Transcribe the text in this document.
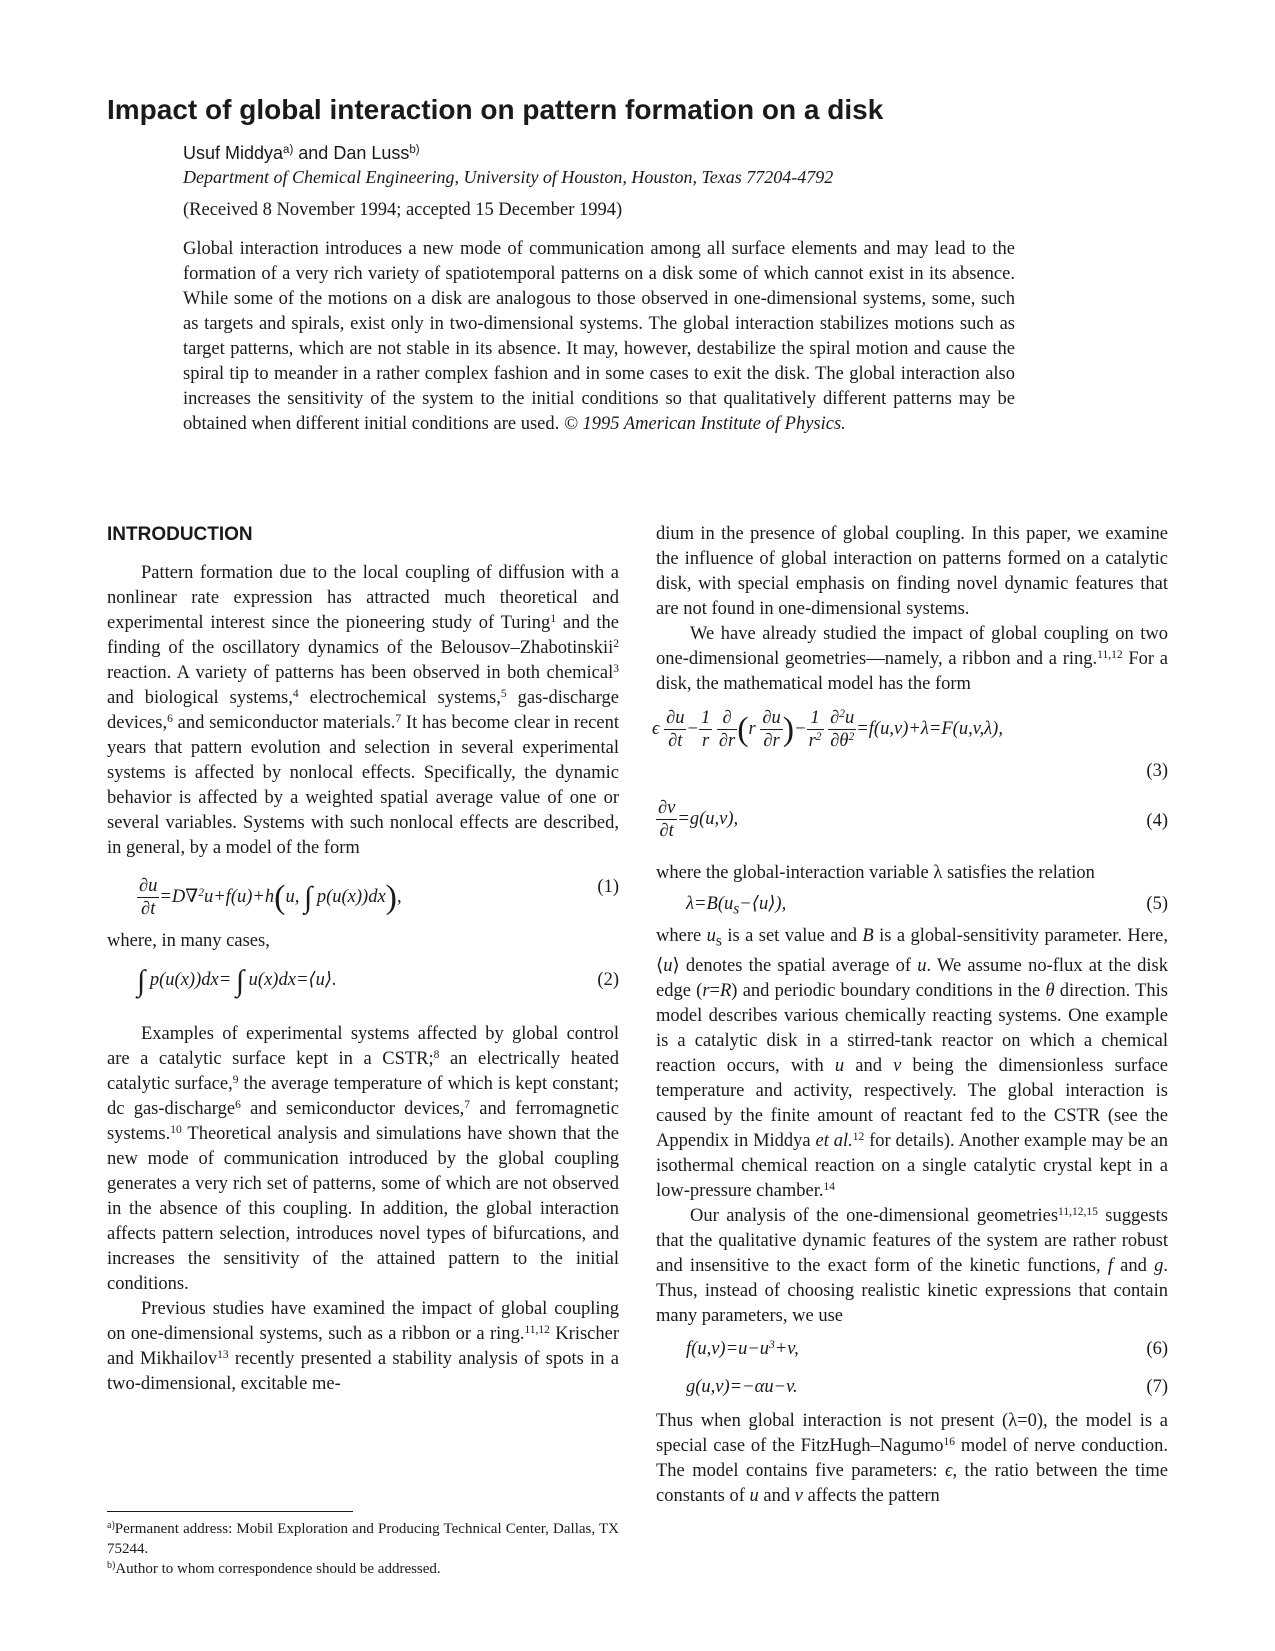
Impact of global interaction on pattern formation on a disk
Usuf Middya$^{a)}$ and Dan Luss$^{b)}$
Department of Chemical Engineering, University of Houston, Houston, Texas 77204-4792
(Received 8 November 1994; accepted 15 December 1994)

Global interaction introduces a new mode of communication among all surface elements and may lead to the formation of a very rich variety of spatiotemporal patterns on a disk some of which cannot exist in its absence. While some of the motions on a disk are analogous to those observed in one-dimensional systems, some, such as targets and spirals, exist only in two-dimensional systems. The global interaction stabilizes motions such as target patterns, which are not stable in its absence. It may, however, destabilize the spiral motion and cause the spiral tip to meander in a rather complex fashion and in some cases to exit the disk. The global interaction also increases the sensitivity of the system to the initial conditions so that qualitatively different patterns may be obtained when different initial conditions are used. © 1995 American Institute of Physics.

INTRODUCTION

Pattern formation due to the local coupling of diffusion with a nonlinear rate expression has attracted much theoretical and experimental interest since the pioneering study of Turing$^1$ and the finding of the oscillatory dynamics of the Belousov–Zhabotinskii$^2$ reaction. A variety of patterns has been observed in both chemical$^3$ and biological systems,$^4$ electrochemical systems,$^5$ gas-discharge devices,$^6$ and semiconductor materials.$^7$ It has become clear in recent years that pattern evolution and selection in several experimental systems is affected by nonlocal effects. Specifically, the dynamic behavior is affected by a weighted spatial average value of one or several variables. Systems with such nonlocal effects are described, in general, by a model of the form

$\frac{\partial u}{\partial t} =D\nabla^2u+f(u)+h(u$, ∫ p(u(x))dx),	(1)

where, in many cases,

∫ p(u(x))dx= ∫ u(x)dx=⟨u⟩.	(2)

Examples of experimental systems affected by global control are a catalytic surface kept in a CSTR;$^8$ an electrically heated catalytic surface,$^9$ the average temperature of which is kept constant; dc gas-discharge$^6$ and semiconductor devices,$^7$ and ferromagnetic systems.$^{10}$ Theoretical analysis and simulations have shown that the new mode of communication introduced by the global coupling generates a very rich set of patterns, some of which are not observed in the absence of this coupling. In addition, the global interaction affects pattern selection, introduces novel types of bifurcations, and increases the sensitivity of the attained pattern to the initial conditions.

Previous studies have examined the impact of global coupling on one-dimensional systems, such as a ribbon or a ring.$^{11,12}$ Krischer and Mikhailov$^{13}$ recently presented a stability analysis of spots in a two-dimensional, excitable me-

dium in the presence of global coupling. In this paper, we examine the influence of global interaction on patterns formed on a catalytic disk, with special emphasis on finding novel dynamic features that are not found in one-dimensional systems.

We have already studied the impact of global coupling on two one-dimensional geometries—namely, a ribbon and a ring.$^{11,12}$ For a disk, the mathematical model has the form

ϵ $\frac{\partial u}{\partial t} - \frac{1}{r}$
$\frac{\partial}{\partial r} (r \frac{\partial u}{\partial r}$ )− $\frac{1}{r^2}$
$\frac{\partial^2u}{\partial\theta^2} =f(u,v)+\lambda=F(u,v,\lambda)$,
(3)
$\frac{\partial v}{\partial t} =g(u,v)$,	(4)

where the global-interaction variable λ satisfies the relation

$\lambda=B(u_s-⟨u⟩)$,	(5)

where $u_s$ is a set value and B is a global-sensitivity parameter. Here, ⟨u⟩ denotes the spatial average of u. We assume no-flux at the disk edge (r=R) and periodic boundary conditions in the θ direction. This model describes various chemically reacting systems. One example is a catalytic disk in a stirred-tank reactor on which a chemical reaction occurs, with u and v being the dimensionless surface temperature and activity, respectively. The global interaction is caused by the finite amount of reactant fed to the CSTR (see the Appendix in Middya et al.$^{12}$ for details). Another example may be an isothermal chemical reaction on a single catalytic crystal kept in a low-pressure chamber.$^{14}$

Our analysis of the one-dimensional geometries$^{11,12,15}$ suggests that the qualitative dynamic features of the system are rather robust and insensitive to the exact form of the kinetic functions, f and g. Thus, instead of choosing realistic kinetic expressions that contain many parameters, we use

$f(u,v)=u-u^3+v$,	(6)
g(u,v)=−αu−v.	(7)

Thus when global interaction is not present (λ=0), the model is a special case of the FitzHugh–Nagumo$^{16}$ model of nerve conduction. The model contains five parameters: ϵ, the ratio between the time constants of u and v affects the pattern

$^{a)}$Permanent address: Mobil Exploration and Producing Technical Center, Dallas, TX 75244.

$^{b)}$Author to whom correspondence should be addressed.
